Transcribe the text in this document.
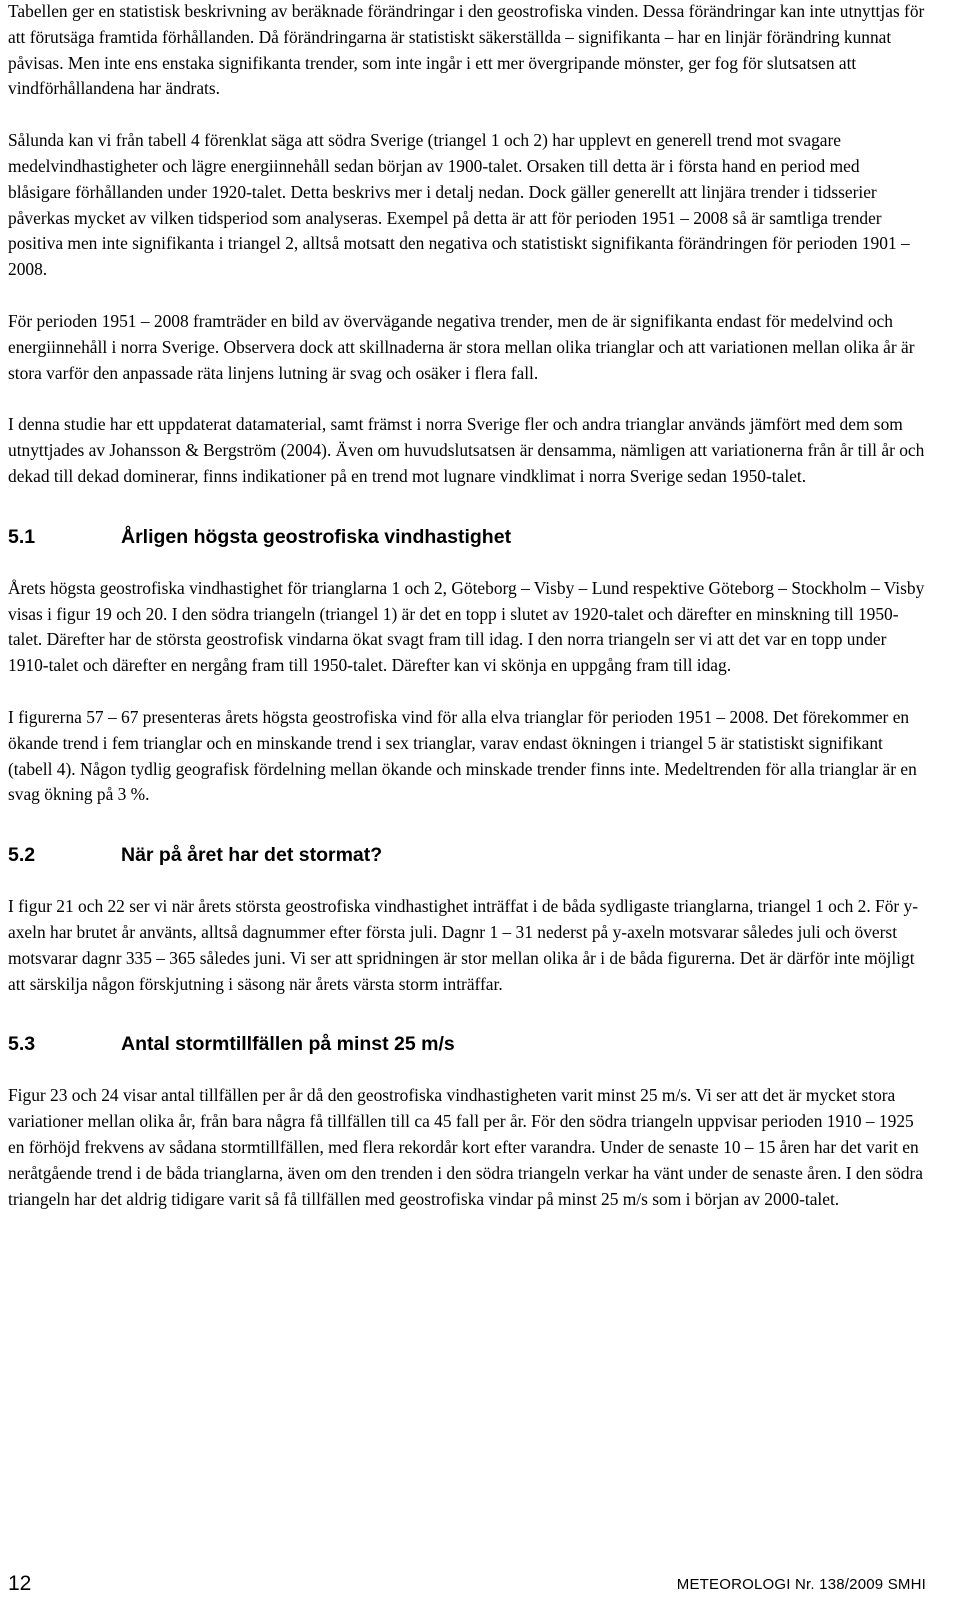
Tabellen ger en statistisk beskrivning av beräknade förändringar i den geostrofiska vinden. Dessa förändringar kan inte utnyttjas för att förutsäga framtida förhållanden. Då förändringarna är statistiskt säkerställda – signifikanta – har en linjär förändring kunnat påvisas. Men inte ens enstaka signifikanta trender, som inte ingår i ett mer övergripande mönster, ger fog för slutsatsen att vindförhållandena har ändrats.

Sålunda kan vi från tabell 4 förenklat säga att södra Sverige (triangel 1 och 2) har upplevt en generell trend mot svagare medelvindhastigheter och lägre energiinnehåll sedan början av 1900-talet. Orsaken till detta är i första hand en period med blåsigare förhållanden under 1920-talet. Detta beskrivs mer i detalj nedan. Dock gäller generellt att linjära trender i tidsserier påverkas mycket av vilken tidsperiod som analyseras. Exempel på detta är att för perioden 1951 – 2008 så är samtliga trender positiva men inte signifikanta i triangel 2, alltså motsatt den negativa och statistiskt signifikanta förändringen för perioden 1901 – 2008.

För perioden 1951 – 2008 framträder en bild av övervägande negativa trender, men de är signifikanta endast för medelvind och energiinnehåll i norra Sverige. Observera dock att skillnaderna är stora mellan olika trianglar och att variationen mellan olika år är stora varför den anpassade räta linjens lutning är svag och osäker i flera fall.

I denna studie har ett uppdaterat datamaterial, samt främst i norra Sverige fler och andra trianglar används jämfört med dem som utnyttjades av Johansson & Bergström (2004). Även om huvudslutsatsen är densamma, nämligen att variationerna från år till år och dekad till dekad dominerar, finns indikationer på en trend mot lugnare vindklimat i norra Sverige sedan 1950-talet.

5.1	Årligen högsta geostrofiska vindhastighet

Årets högsta geostrofiska vindhastighet för trianglarna 1 och 2, Göteborg – Visby – Lund respektive Göteborg – Stockholm – Visby visas i figur 19 och 20. I den södra triangeln (triangel 1) är det en topp i slutet av 1920-talet och därefter en minskning till 1950-talet. Därefter har de största geostrofisk vindarna ökat svagt fram till idag. I den norra triangeln ser vi att det var en topp under 1910-talet och därefter en nergång fram till 1950-talet. Därefter kan vi skönja en uppgång fram till idag.

I figurerna 57 – 67 presenteras årets högsta geostrofiska vind för alla elva trianglar för perioden 1951 – 2008. Det förekommer en ökande trend i fem trianglar och en minskande trend i sex trianglar, varav endast ökningen i triangel 5 är statistiskt signifikant (tabell 4). Någon tydlig geografisk fördelning mellan ökande och minskade trender finns inte. Medeltrenden för alla trianglar är en svag ökning på 3 %.

5.2	När på året har det stormat?

I figur 21 och 22 ser vi när årets största geostrofiska vindhastighet inträffat i de båda sydligaste trianglarna, triangel 1 och 2. För y-axeln har brutet år använts, alltså dagnummer efter första juli. Dagnr 1 – 31 nederst på y-axeln motsvarar således juli och överst motsvarar dagnr 335 – 365 således juni. Vi ser att spridningen är stor mellan olika år i de båda figurerna. Det är därför inte möjligt att särskilja någon förskjutning i säsong när årets värsta storm inträffar.

5.3	Antal stormtillfällen på minst 25 m/s

Figur 23 och 24 visar antal tillfällen per år då den geostrofiska vindhastigheten varit minst 25 m/s. Vi ser att det är mycket stora variationer mellan olika år, från bara några få tillfällen till ca 45 fall per år. För den södra triangeln uppvisar perioden 1910 – 1925 en förhöjd frekvens av sådana stormtillfällen, med flera rekordår kort efter varandra. Under de senaste 10 – 15 åren har det varit en neråtgående trend i de båda trianglarna, även om den trenden i den södra triangeln verkar ha vänt under de senaste åren. I den södra triangeln har det aldrig tidigare varit så få tillfällen med geostrofiska vindar på minst 25 m/s som i början av 2000-talet.

12	METEOROLOGI Nr. 138/2009 SMHI
